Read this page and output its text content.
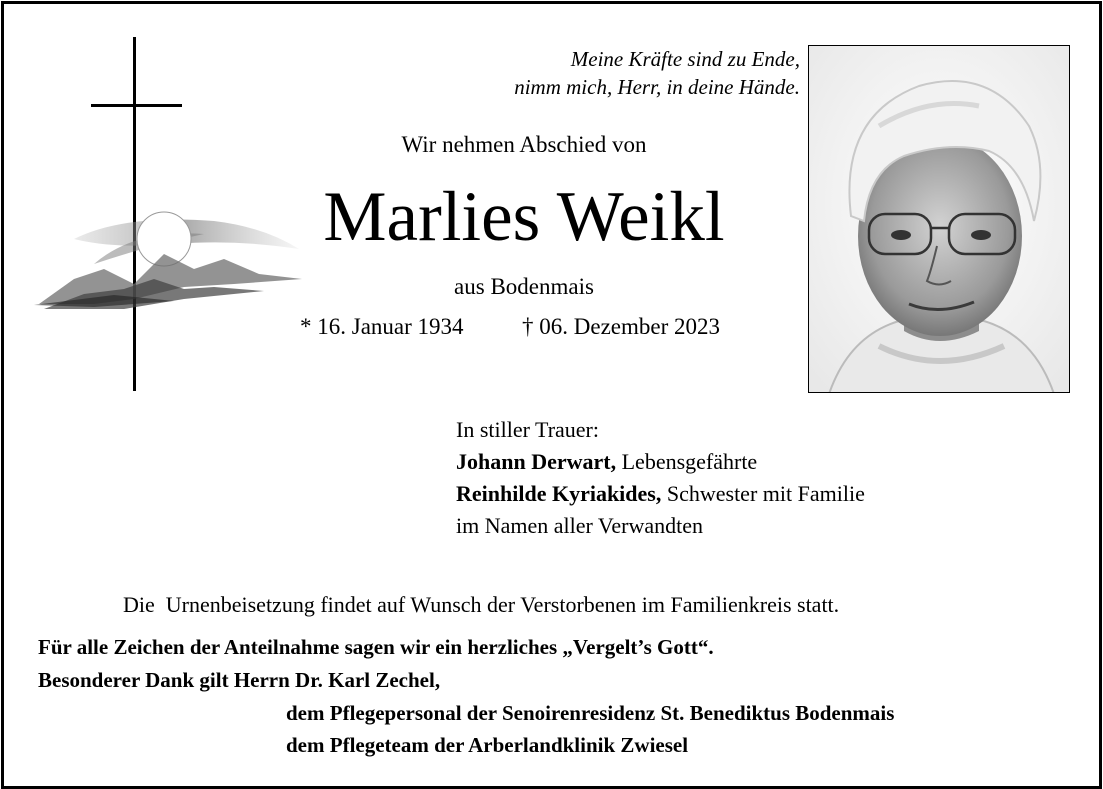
Meine Kräfte sind zu Ende,
nimm mich, Herr, in deine Hände.
Wir nehmen Abschied von
Marlies Weikl
aus Bodenmais
* 16. Januar 1934	† 06. Dezember 2023
In stiller Trauer:
Johann Derwart, Lebensgefährte
Reinhilde Kyriakides, Schwester mit Familie
im Namen aller Verwandten
Die  Urnenbeisetzung findet auf Wunsch der Verstorbenen im Familienkreis statt.
Für alle Zeichen der Anteilnahme sagen wir ein herzliches „Vergelt’s Gott“.
Besonderer Dank gilt Herrn Dr. Karl Zechel,
dem Pflegepersonal der Senoirenresidenz St. Benediktus Bodenmais
dem Pflegeteam der Arberlandklinik Zwiesel
